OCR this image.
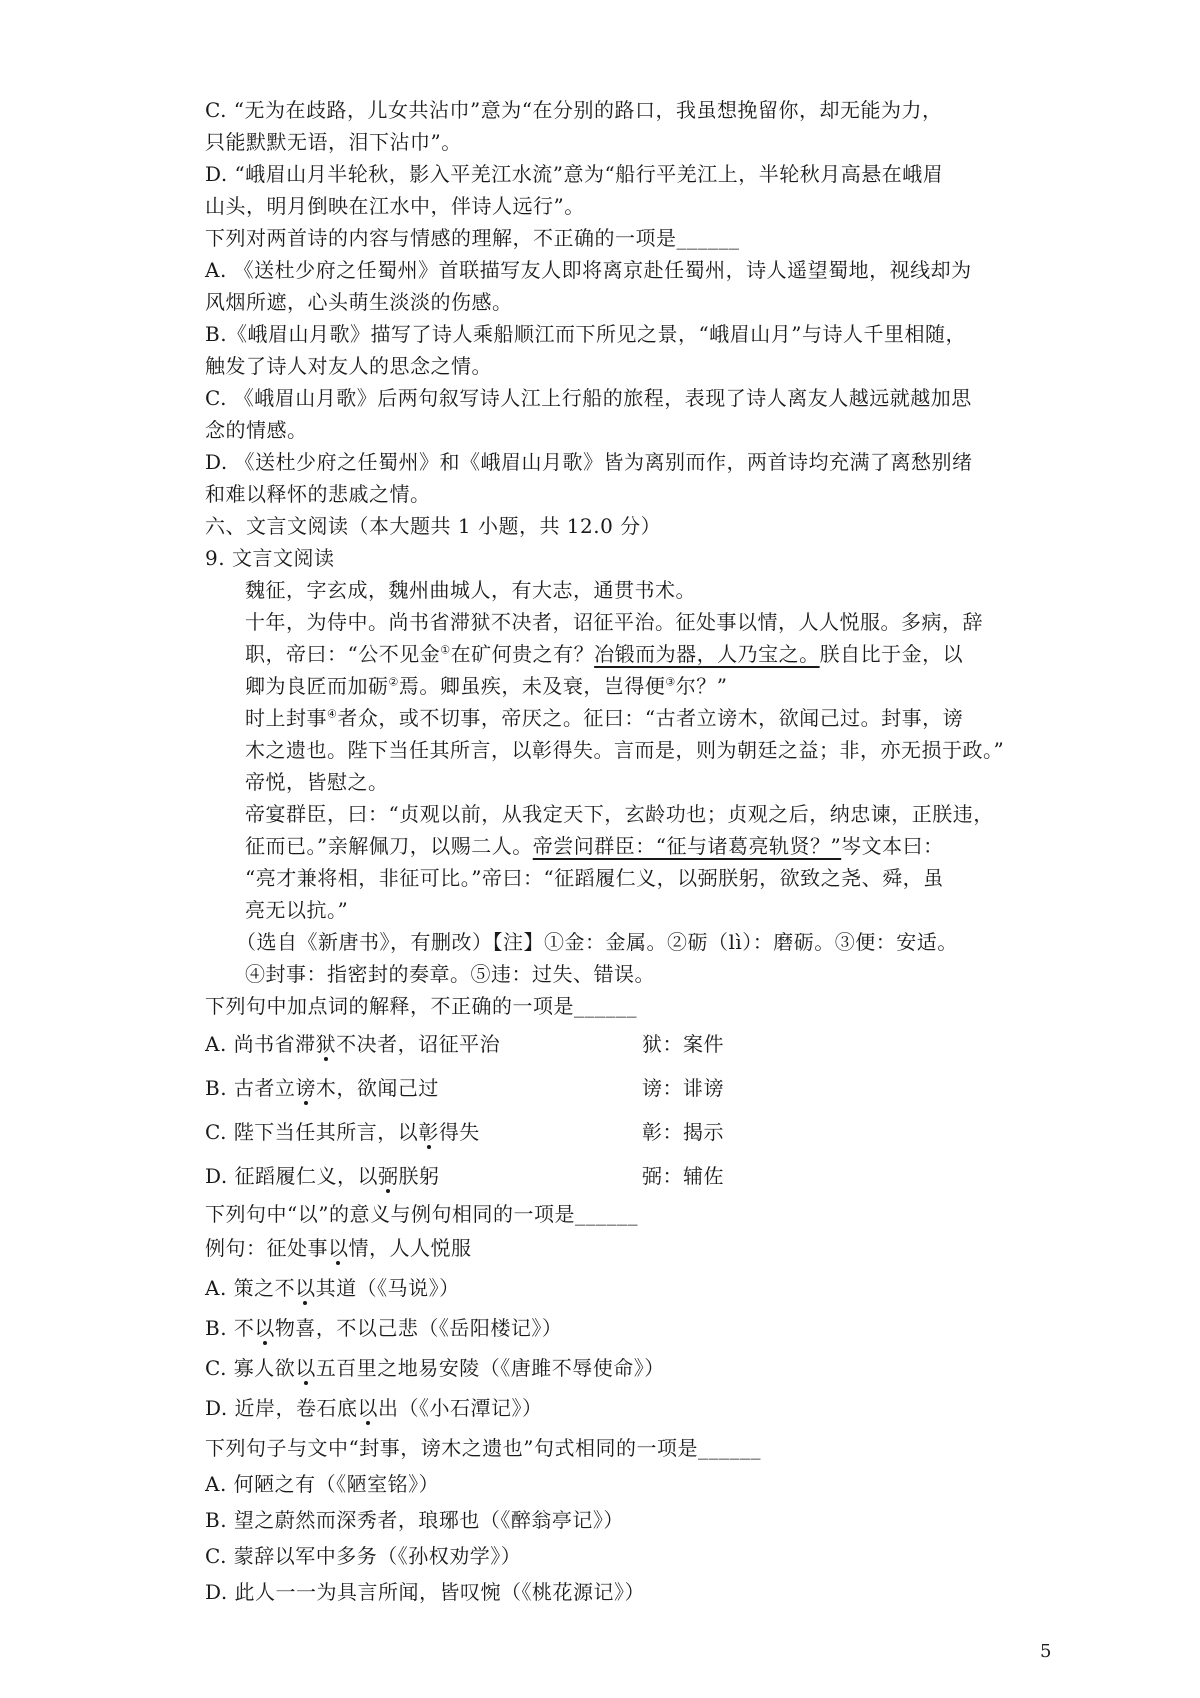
C. “无为在歧路，儿女共沾巾”意为“在分别的路口，我虽想挽留你，却无能为力，
只能默默无语，泪下沾巾”。
D. “峨眉山月半轮秋，影入平羌江水流”意为“船行平羌江上，半轮秋月高悬在峨眉
山头，明月倒映在江水中，伴诗人远行”。
下列对两首诗的内容与情感的理解，不正确的一项是______
A. 《送杜少府之任蜀州》首联描写友人即将离京赴任蜀州，诗人遥望蜀地，视线却为
风烟所遮，心头萌生淡淡的伤感。
B.《峨眉山月歌》描写了诗人乘船顺江而下所见之景，“峨眉山月”与诗人千里相随，
触发了诗人对友人的思念之情。
C. 《峨眉山月歌》后两句叙写诗人江上行船的旅程，表现了诗人离友人越远就越加思
念的情感。
D. 《送杜少府之任蜀州》和《峨眉山月歌》皆为离别而作，两首诗均充满了离愁别绪
和难以释怀的悲戚之情。
六、文言文阅读（本大题共 1 小题，共 12.0 分）
9. 文言文阅读
魏征，字玄成，魏州曲城人，有大志，通贯书术。
十年，为侍中。尚书省滞狱不决者，诏征平治。征处事以情，人人悦服。多病，辞
职，帝曰：“公不见金①在矿何贵之有？冶锻而为器，人乃宝之。朕自比于金，以
卿为良匠而加砺②焉。卿虽疾，未及衰，岂得便③尔？”
时上封事④者众，或不切事，帝厌之。征曰：“古者立谤木，欲闻己过。封事，谤
木之遗也。陛下当任其所言，以彰得失。言而是，则为朝廷之益；非，亦无损于政。”
帝悦，皆慰之。
帝宴群臣，曰：“贞观以前，从我定天下，玄龄功也；贞观之后，纳忠谏，正朕违，
征而已。”亲解佩刀，以赐二人。帝尝问群臣：“征与诸葛亮轨贤？”岑文本曰：
“亮才兼将相，非征可比。”帝曰：“征蹈履仁义，以弼朕躬，欲致之尧、舜，虽
亮无以抗。”
（选自《新唐书》，有删改）【注】①金：金属。②砺（lì）：磨砺。③便：安适。
④封事：指密封的奏章。⑤违：过失、错误。
下列句中加点词的解释，不正确的一项是______
A. 尚书省滞狱不决者，诏征平治	狱：案件
B. 古者立谤木，欲闻己过	谤：诽谤
C. 陛下当任其所言，以彰得失	彰：揭示
D. 征蹈履仁义，以弼朕躬	弼：辅佐
下列句中“以”的意义与例句相同的一项是______
例句：征处事以情，人人悦服
A. 策之不以其道（《马说》）
B. 不以物喜，不以己悲（《岳阳楼记》）
C. 寡人欲以五百里之地易安陵（《唐雎不辱使命》）
D. 近岸，卷石底以出（《小石潭记》）
下列句子与文中“封事，谤木之遗也”句式相同的一项是______
A. 何陋之有（《陋室铭》）
B. 望之蔚然而深秀者，琅琊也（《醉翁亭记》）
C. 蒙辞以军中多务（《孙权劝学》）
D. 此人一一为具言所闻，皆叹惋（《桃花源记》）
5
